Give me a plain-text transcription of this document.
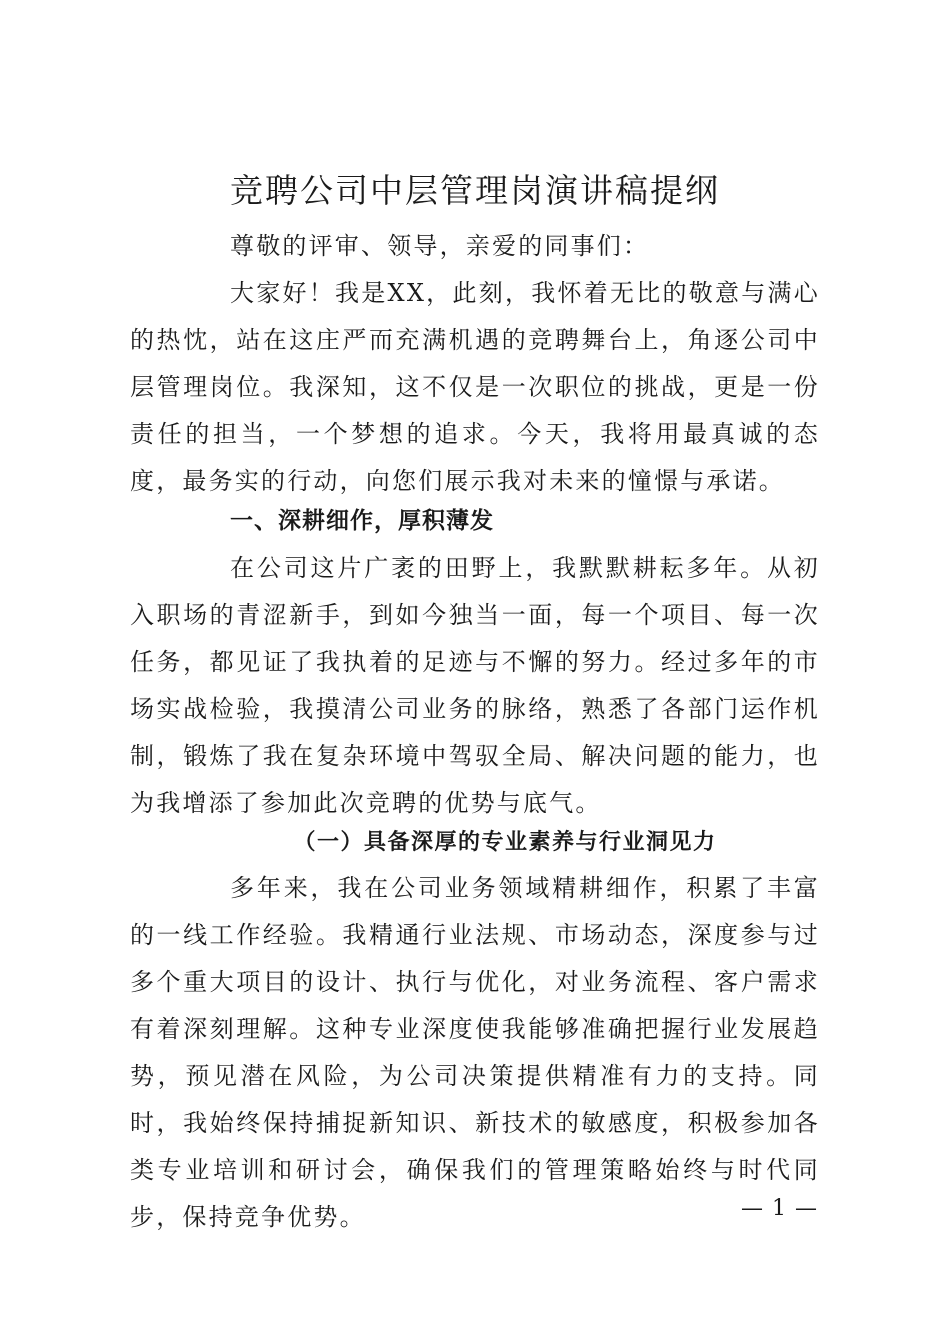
竞聘公司中层管理岗演讲稿提纲

尊敬的评审、领导，亲爱的同事们：

大家好！我是XX，此刻，我怀着无比的敬意与满心的热忱，站在这庄严而充满机遇的竞聘舞台上，角逐公司中层管理岗位。我深知，这不仅是一次职位的挑战，更是一份责任的担当，一个梦想的追求。今天，我将用最真诚的态度，最务实的行动，向您们展示我对未来的憧憬与承诺。

一、深耕细作，厚积薄发

在公司这片广袤的田野上，我默默耕耘多年。从初入职场的青涩新手，到如今独当一面，每一个项目、每一次任务，都见证了我执着的足迹与不懈的努力。经过多年的市场实战检验，我摸清公司业务的脉络，熟悉了各部门运作机制，锻炼了我在复杂环境中驾驭全局、解决问题的能力，也为我增添了参加此次竞聘的优势与底气。

（一）具备深厚的专业素养与行业洞见力

多年来，我在公司业务领域精耕细作，积累了丰富的一线工作经验。我精通行业法规、市场动态，深度参与过多个重大项目的设计、执行与优化，对业务流程、客户需求有着深刻理解。这种专业深度使我能够准确把握行业发展趋势，预见潜在风险，为公司决策提供精准有力的支持。同时，我始终保持捕捉新知识、新技术的敏感度，积极参加各类专业培训和研讨会，确保我们的管理策略始终与时代同步，保持竞争优势。	— 1 —
